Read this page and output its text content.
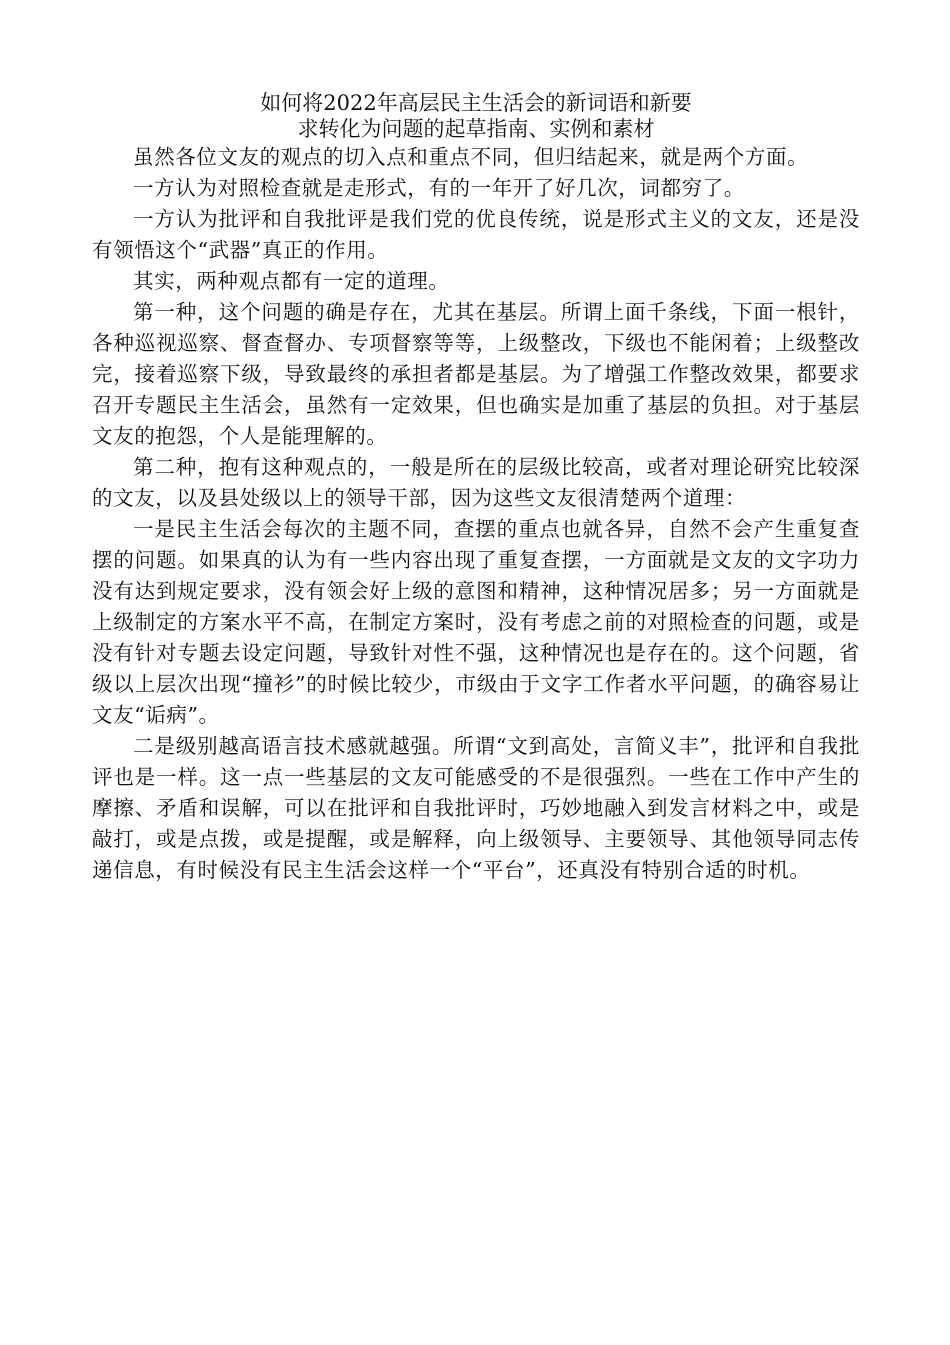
如何将2022年高层民主生活会的新词语和新要
求转化为问题的起草指南、实例和素材

虽然各位文友的观点的切入点和重点不同，但归结起来，就是两个方面。

一方认为对照检查就是走形式，有的一年开了好几次，词都穷了。

一方认为批评和自我批评是我们党的优良传统，说是形式主义的文友，还是没有领悟这个“武器”真正的作用。

其实，两种观点都有一定的道理。

第一种，这个问题的确是存在，尤其在基层。所谓上面千条线，下面一根针，各种巡视巡察、督查督办、专项督察等等，上级整改，下级也不能闲着；上级整改完，接着巡察下级，导致最终的承担者都是基层。为了增强工作整改效果，都要求召开专题民主生活会，虽然有一定效果，但也确实是加重了基层的负担。对于基层文友的抱怨，个人是能理解的。

第二种，抱有这种观点的，一般是所在的层级比较高，或者对理论研究比较深的文友，以及县处级以上的领导干部，因为这些文友很清楚两个道理：

一是民主生活会每次的主题不同，查摆的重点也就各异，自然不会产生重复查摆的问题。如果真的认为有一些内容出现了重复查摆，一方面就是文友的文字功力没有达到规定要求，没有领会好上级的意图和精神，这种情况居多；另一方面就是上级制定的方案水平不高，在制定方案时，没有考虑之前的对照检查的问题，或是没有针对专题去设定问题，导致针对性不强，这种情况也是存在的。这个问题，省级以上层次出现“撞衫”的时候比较少，市级由于文字工作者水平问题，的确容易让文友“诟病”。

二是级别越高语言技术感就越强。所谓“文到高处，言简义丰”，批评和自我批评也是一样。这一点一些基层的文友可能感受的不是很强烈。一些在工作中产生的摩擦、矛盾和误解，可以在批评和自我批评时，巧妙地融入到发言材料之中，或是敲打，或是点拨，或是提醒，或是解释，向上级领导、主要领导、其他领导同志传递信息，有时候没有民主生活会这样一个“平台”，还真没有特别合适的时机。
